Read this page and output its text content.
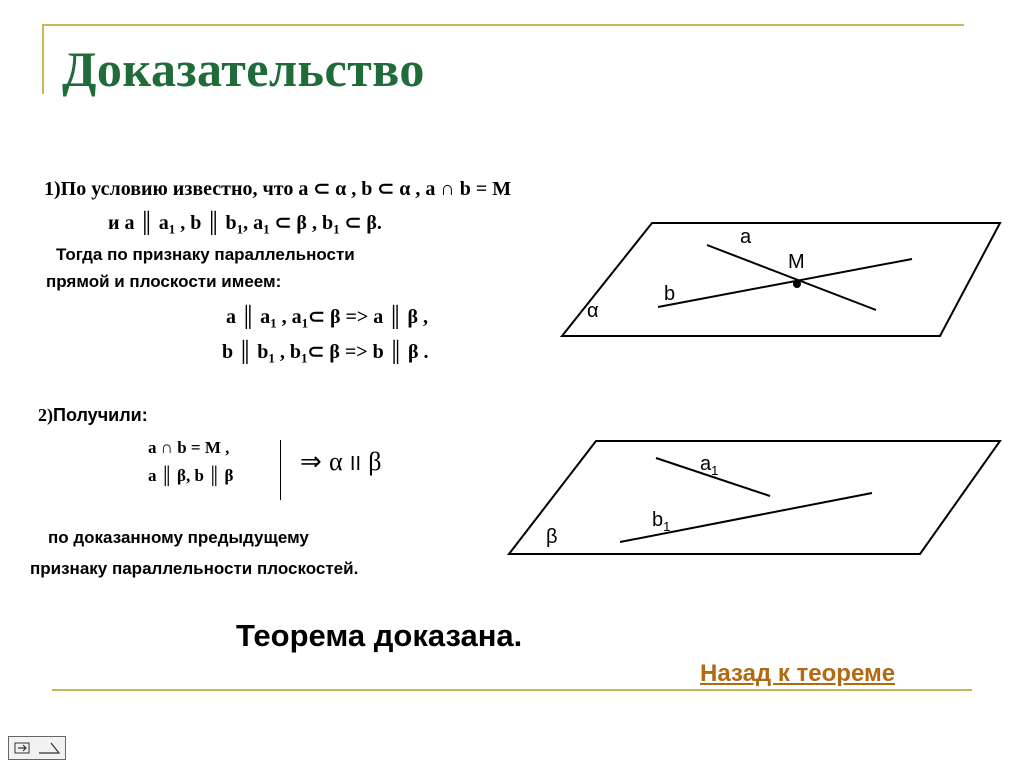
Доказательство
1)По условию известно, что a ⊂ α , b ⊂ α , a ∩ b = M
и a ║ $a_1$ , b ║ $b_1$, $a_1$ ⊂ β , $b_1$ ⊂ β.
Тогда по признаку параллельности
прямой и плоскости имеем:
a ║ $a_1$ , $a_1\subset$ β => a ║ β ,
b ║ $b_1$ , $b_1\subset$ β => b ║ β .
2)Получили:
a ∩ b = M ,
a ║ β, b ║ β	⇒ α II β
по доказанному предыдущему
признаку параллельности плоскостей.
a
M
b
α
$a_1$
$b_1$
β
Теорема доказана.
Назад к теореме
